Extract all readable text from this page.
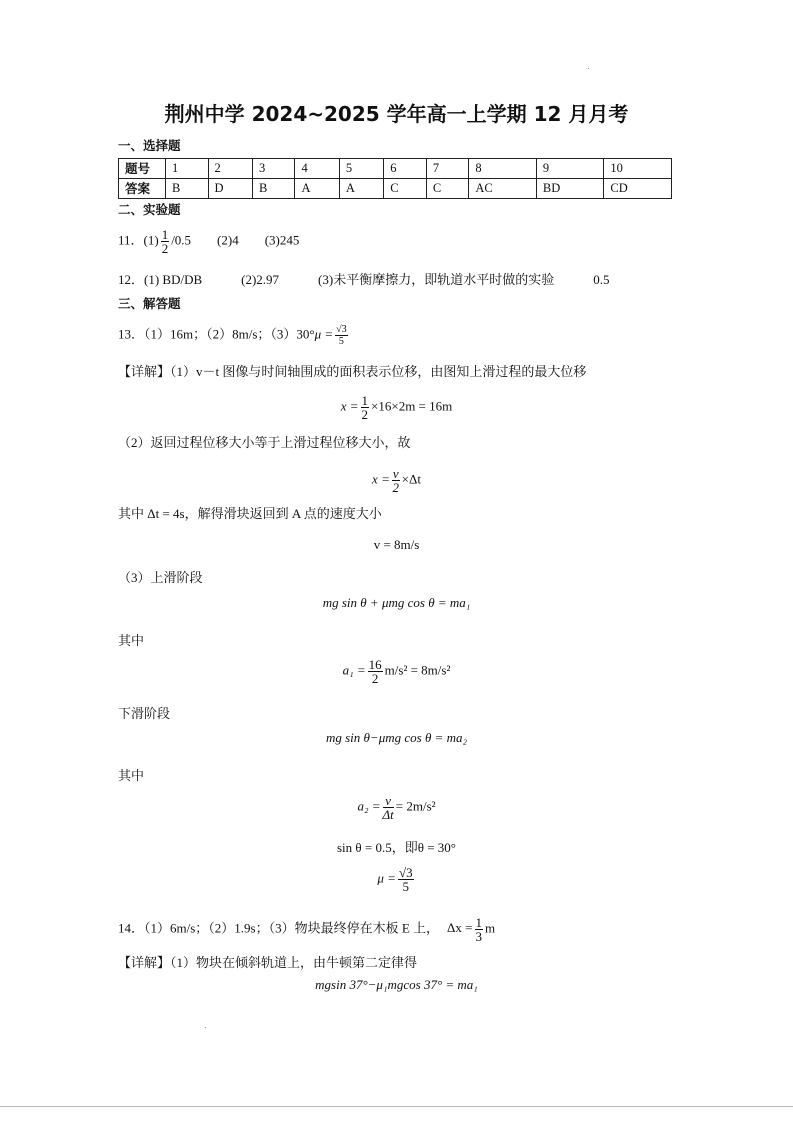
荆州中学 2024~2025 学年高一上学期 12 月月考
一、选择题
题号	1	2	3	4	5	6	7	8	9	10
答案	B	D	B	A	A	C	C	AC	BD	CD
二、实验题
11．$(1) \frac{1}{2} /0.5$　　(2)4　　(3)245
12．(1) BD/DB　　　(2)2.97　　　(3)未平衡摩擦力，即轨道水平时做的实验　　　0.5
三、解答题
13．（1）16m；（2）8m/s；$(3)30^\circ\mu = \frac{√3}{5}$
【详解】（1）v－t 图像与时间轴围成的面积表示位移，由图知上滑过程的最大位移
$x = \frac{1}{2} \times 16\times 2m = 16m$
（2）返回过程位移大小等于上滑过程位移大小，故
$x = \frac{v}{2} \times\Delta t$
其中 Δt = 4s，解得滑块返回到 A 点的速度大小
v = 8m/s
（3）上滑阶段
mg sin θ + μmg cos θ = ma₁
其中
$a_1 = \frac{16}{2} m/s^2 = 8m/s^2$
下滑阶段
mg sin θ−μmg cos θ = ma₂
其中
$a_2 = \frac{v}{\Delta t} = 2m/s^2$
sin θ = 0.5，即θ = 30°
$\mu = \frac{√3}{5}$
14．（1）6m/s；（2）1.9s；（3）物块最终停在木板 E 上， $\Delta x = \frac{1}{3}$ m
【详解】（1）物块在倾斜轨道上，由牛顿第二定律得
mgsin 37°−μ₁mgcos 37° = ma₁
